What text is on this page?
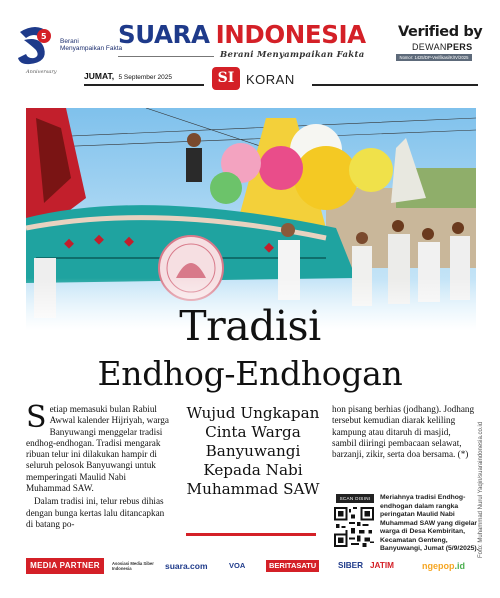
5
Berani Menyampaikan Fakta
Anniversary
SUARA INDONESIA
Berani Menyampaikan Fakta
Verified by
DEWANPERS
Nomor: 1425/DP-Verifikasi/K/IV/2025
JUMAT, 5 September 2025	SI KORAN
Tradisi
Endhog-Endhogan

Setiap memasuki bulan Rabiul Awwal kalender Hijriyah, warga Banyuwangi menggelar tradisi endhog-endhogan. Tradisi mengarak ribuan telur ini dilakukan hampir di seluruh pelosok Banyuwangi untuk memperingati Maulid Nabi Muhammad SAW.

Dalam tradisi ini, telur rebus dihias dengan bunga kertas lalu ditancapkan di batang po-

Wujud Ungkapan Cinta Warga Banyuwangi Kepada Nabi Muhammad SAW

hon pisang berhias (jodhang). Jodhang tersebut kemudian diarak keliling kampung atau ditaruh di masjid, sambil diiringi pembacaan selawat, barzanji, zikir, serta doa bersama. (*)

SCAN DISINI	Meriahnya tradisi Endhog-endhogan dalam rangka peringatan Maulid Nabi Muhammad SAW yang digelar warga di Desa Kembiritan, Kecamatan Genteng, Banyuwangi, Jumat (5/9/2025). Foto: Muhammad Nurul Yaqin/suaraindonesia.co.id
MEDIA PARTNER	Asosiasi Media Siber Indonesia	suara.com	VOA	BERITASATU	SIBER JATIM	ngepop.id
